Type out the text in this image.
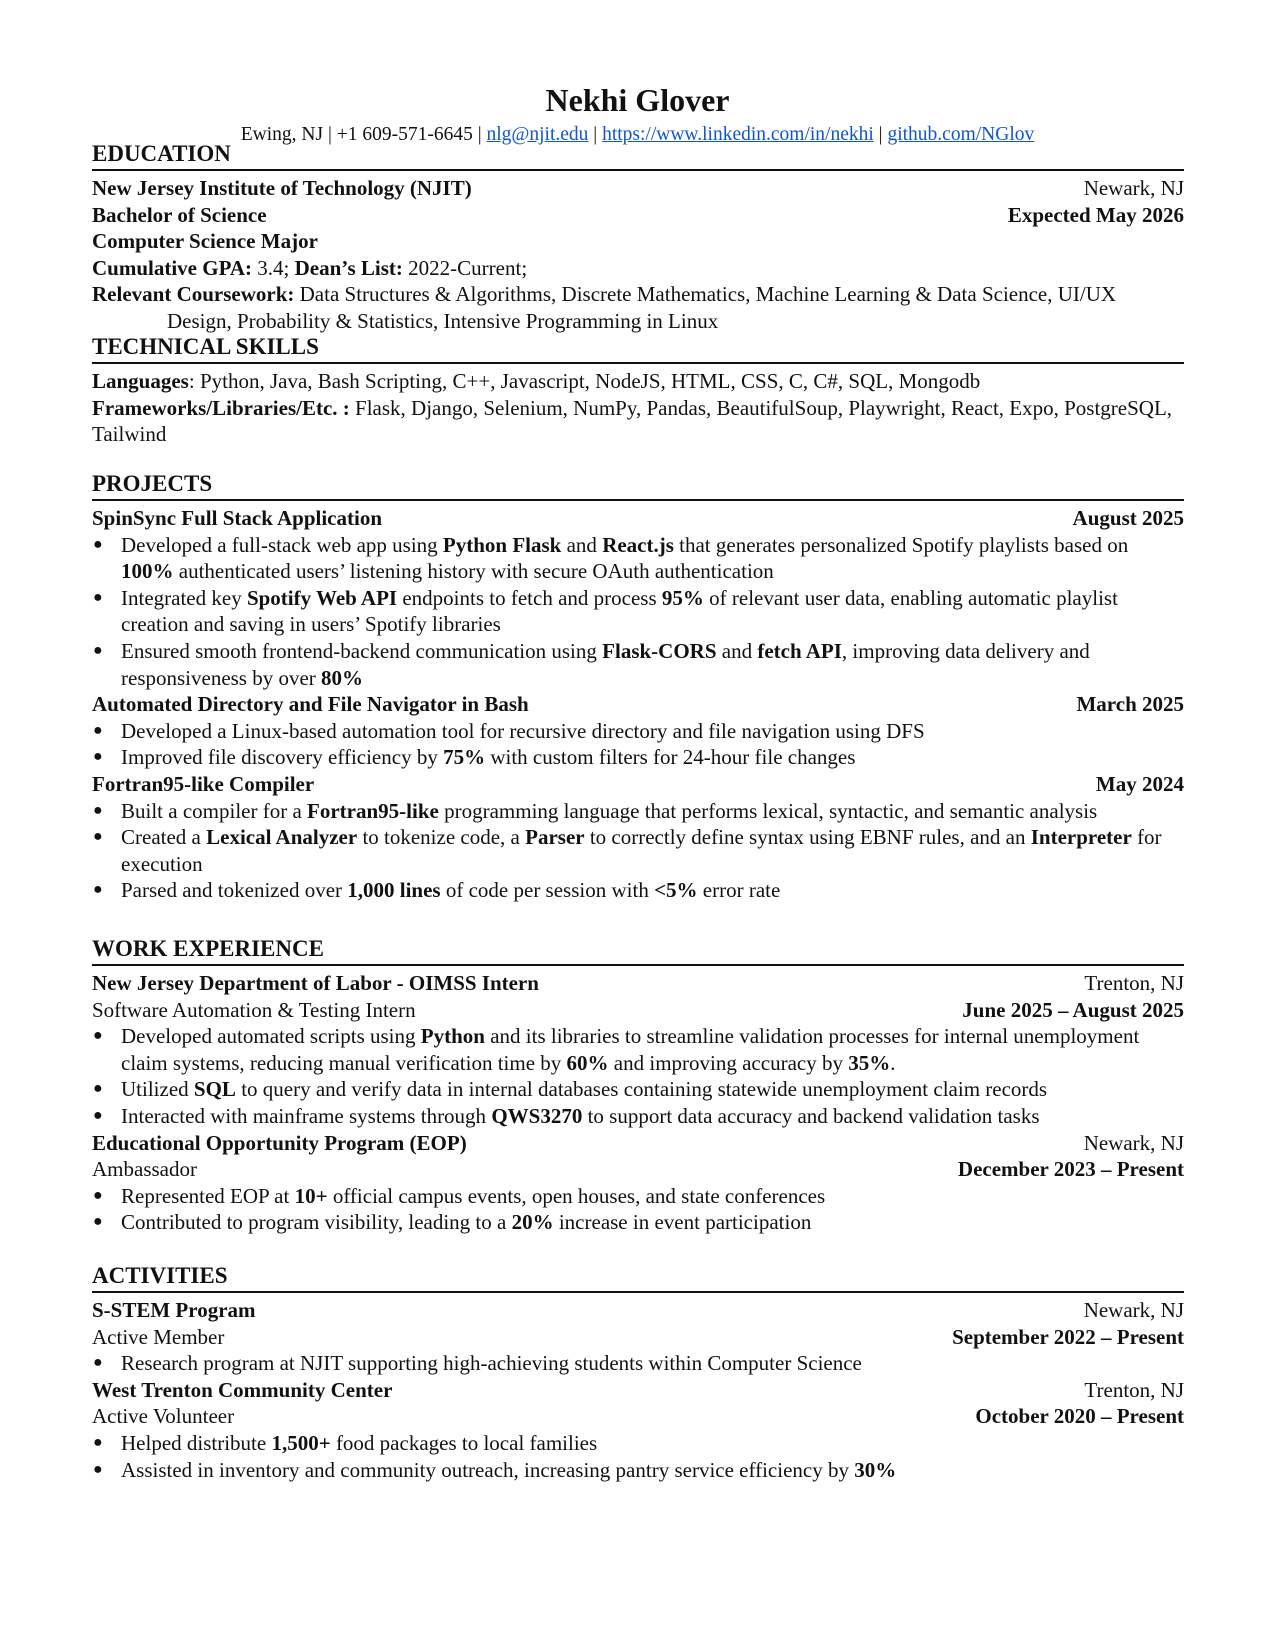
Nekhi Glover
Ewing, NJ | +1 609-571-6645 | nlg@njit.edu | https://www.linkedin.com/in/nekhi | github.com/NGlov
EDUCATION
New Jersey Institute of Technology (NJIT)	Newark, NJ
Bachelor of Science	Expected May 2026
Computer Science Major
Cumulative GPA: 3.4; Dean’s List: 2022-Current;
Relevant Coursework: Data Structures & Algorithms, Discrete Mathematics, Machine Learning & Data Science, UI/UX Design, Probability & Statistics, Intensive Programming in Linux
TECHNICAL SKILLS
Languages: Python, Java, Bash Scripting, C++, Javascript, NodeJS, HTML, CSS, C, C#, SQL, Mongodb
Frameworks/Libraries/Etc. : Flask, Django, Selenium, NumPy, Pandas, BeautifulSoup, Playwright, React, Expo, PostgreSQL, Tailwind
PROJECTS
SpinSync Full Stack Application	August 2025
● Developed a full-stack web app using Python Flask and React.js that generates personalized Spotify playlists based on 100% authenticated users’ listening history with secure OAuth authentication
● Integrated key Spotify Web API endpoints to fetch and process 95% of relevant user data, enabling automatic playlist creation and saving in users’ Spotify libraries
● Ensured smooth frontend-backend communication using Flask-CORS and fetch API, improving data delivery and responsiveness by over 80%
Automated Directory and File Navigator in Bash	March 2025
● Developed a Linux-based automation tool for recursive directory and file navigation using DFS
● Improved file discovery efficiency by 75% with custom filters for 24-hour file changes
Fortran95-like Compiler	May 2024
● Built a compiler for a Fortran95-like programming language that performs lexical, syntactic, and semantic analysis
● Created a Lexical Analyzer to tokenize code, a Parser to correctly define syntax using EBNF rules, and an Interpreter for execution
● Parsed and tokenized over 1,000 lines of code per session with <5% error rate
WORK EXPERIENCE
New Jersey Department of Labor - OIMSS Intern	Trenton, NJ
Software Automation & Testing Intern	June 2025 – August 2025
● Developed automated scripts using Python and its libraries to streamline validation processes for internal unemployment claim systems, reducing manual verification time by 60% and improving accuracy by 35%.
● Utilized SQL to query and verify data in internal databases containing statewide unemployment claim records
● Interacted with mainframe systems through QWS3270 to support data accuracy and backend validation tasks
Educational Opportunity Program (EOP)	Newark, NJ
Ambassador	December 2023 – Present
● Represented EOP at 10+ official campus events, open houses, and state conferences
● Contributed to program visibility, leading to a 20% increase in event participation
ACTIVITIES
S-STEM Program	Newark, NJ
Active Member	September 2022 – Present
● Research program at NJIT supporting high-achieving students within Computer Science
West Trenton Community Center	Trenton, NJ
Active Volunteer	October 2020 – Present
● Helped distribute 1,500+ food packages to local families
● Assisted in inventory and community outreach, increasing pantry service efficiency by 30%
